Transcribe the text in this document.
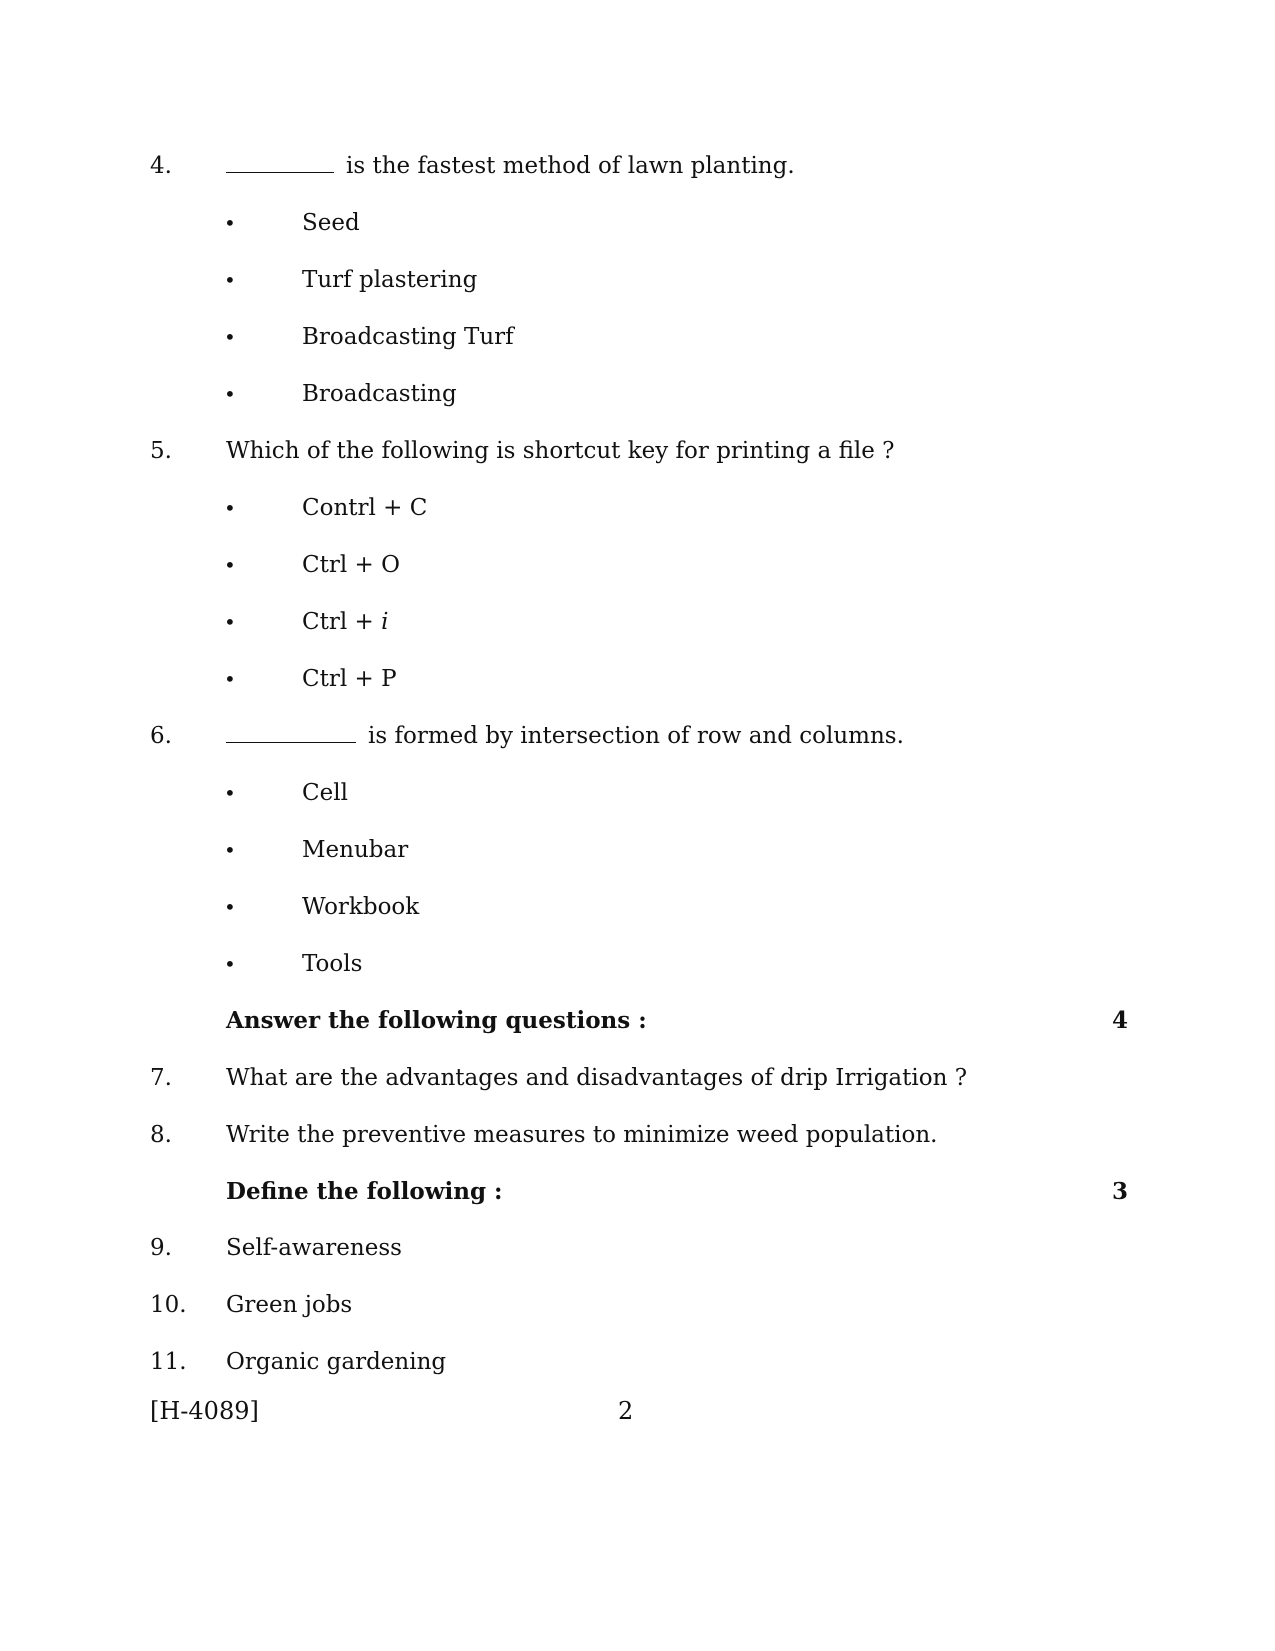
4.	is the fastest method of lawn planting.
•	Seed
•	Turf plastering
•	Broadcasting Turf
•	Broadcasting
5. Which of the following is shortcut key for printing a file ?
•	Contrl + C
•	Ctrl + O
•	Ctrl + i
•	Ctrl + P
6.	is formed by intersection of row and columns.
•	Cell
•	Menubar
•	Workbook
•	Tools
Answer the following questions :	4
7. What are the advantages and disadvantages of drip Irrigation ?
8. Write the preventive measures to minimize weed population.
Define the following :	3
9. Self-awareness
10. Green jobs
11. Organic gardening
[H-4089]	2
